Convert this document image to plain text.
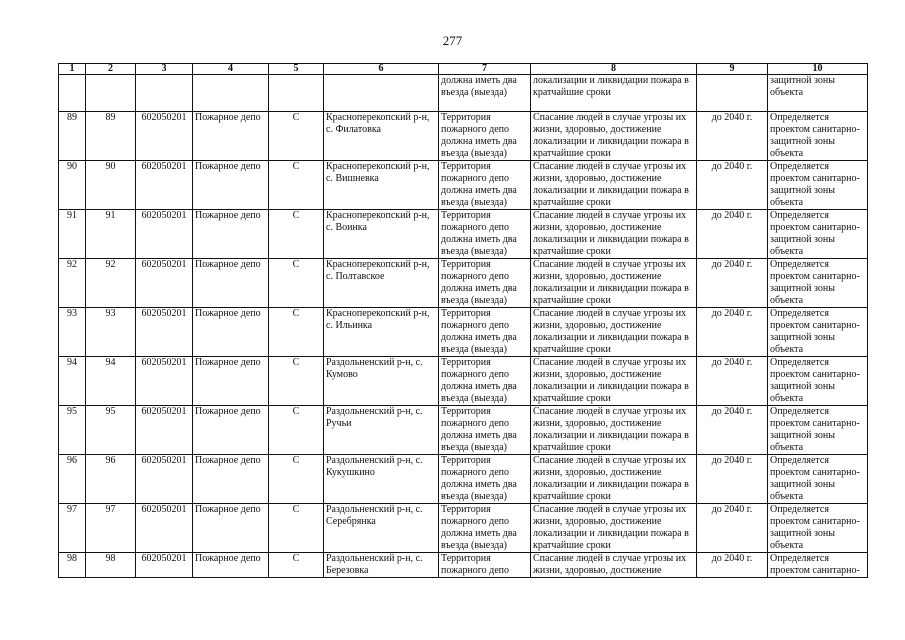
277
1	2	3	4	5	6	7	8	9	10
						должна иметь два въезда (выезда)	локализации и ликвидации пожара в кратчайшие сроки		защитной зоны объекта
89	89	602050201	Пожарное депо	С	Красноперекопский р-н, с. Филатовка	Территория пожарного депо должна иметь два въезда (выезда)	Спасание людей в случае угрозы их жизни, здоровью, достижение локализации и ликвидации пожара в кратчайшие сроки	до 2040 г.	Определяется проектом санитарно-защитной зоны объекта
90	90	602050201	Пожарное депо	С	Красноперекопский р-н, с. Вишневка	Территория пожарного депо должна иметь два въезда (выезда)	Спасание людей в случае угрозы их жизни, здоровью, достижение локализации и ликвидации пожара в кратчайшие сроки	до 2040 г.	Определяется проектом санитарно-защитной зоны объекта
91	91	602050201	Пожарное депо	С	Красноперекопский р-н, с. Воинка	Территория пожарного депо должна иметь два въезда (выезда)	Спасание людей в случае угрозы их жизни, здоровью, достижение локализации и ликвидации пожара в кратчайшие сроки	до 2040 г.	Определяется проектом санитарно-защитной зоны объекта
92	92	602050201	Пожарное депо	С	Красноперекопский р-н, с. Полтавское	Территория пожарного депо должна иметь два въезда (выезда)	Спасание людей в случае угрозы их жизни, здоровью, достижение локализации и ликвидации пожара в кратчайшие сроки	до 2040 г.	Определяется проектом санитарно-защитной зоны объекта
93	93	602050201	Пожарное депо	С	Красноперекопский р-н, с. Ильинка	Территория пожарного депо должна иметь два въезда (выезда)	Спасание людей в случае угрозы их жизни, здоровью, достижение локализации и ликвидации пожара в кратчайшие сроки	до 2040 г.	Определяется проектом санитарно-защитной зоны объекта
94	94	602050201	Пожарное депо	С	Раздольненский р-н, с. Кумово	Территория пожарного депо должна иметь два въезда (выезда)	Спасание людей в случае угрозы их жизни, здоровью, достижение локализации и ликвидации пожара в кратчайшие сроки	до 2040 г.	Определяется проектом санитарно-защитной зоны объекта
95	95	602050201	Пожарное депо	С	Раздольненский р-н, с. Ручьи	Территория пожарного депо должна иметь два въезда (выезда)	Спасание людей в случае угрозы их жизни, здоровью, достижение локализации и ликвидации пожара в кратчайшие сроки	до 2040 г.	Определяется проектом санитарно-защитной зоны объекта
96	96	602050201	Пожарное депо	С	Раздольненский р-н, с. Кукушкино	Территория пожарного депо должна иметь два въезда (выезда)	Спасание людей в случае угрозы их жизни, здоровью, достижение локализации и ликвидации пожара в кратчайшие сроки	до 2040 г.	Определяется проектом санитарно-защитной зоны объекта
97	97	602050201	Пожарное депо	С	Раздольненский р-н, с. Серебрянка	Территория пожарного депо должна иметь два въезда (выезда)	Спасание людей в случае угрозы их жизни, здоровью, достижение локализации и ликвидации пожара в кратчайшие сроки	до 2040 г.	Определяется проектом санитарно-защитной зоны объекта
98	98	602050201	Пожарное депо	С	Раздольненский р-н, с. Березовка	Территория пожарного депо	Спасание людей в случае угрозы их жизни, здоровью, достижение	до 2040 г.	Определяется проектом санитарно-
